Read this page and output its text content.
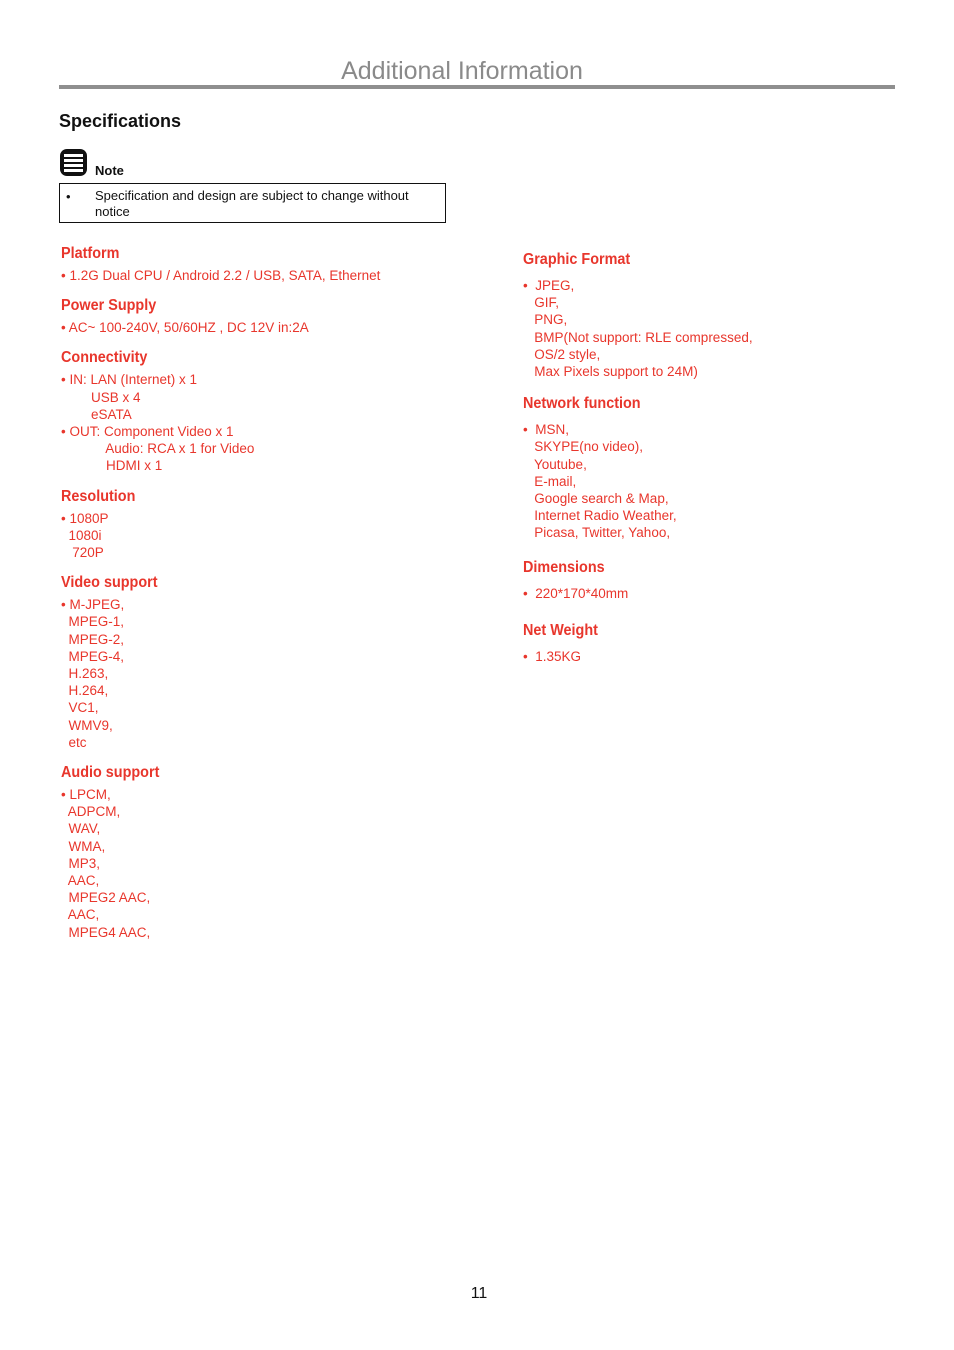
Additional Information
Specifications
Note
• Specification and design are subject to change without notice
Platform
• 1.2G Dual CPU / Android 2.2 / USB, SATA, Ethernet
Power Supply
• AC~ 100-240V, 50/60HZ , DC 12V in:2A
Connectivity
• IN: LAN (Internet) x 1
USB x 4
eSATA
• OUT: Component Video x 1
Audio: RCA x 1 for Video
HDMI x 1
Resolution
• 1080P
1080i
720P
Video support
• M-JPEG,
MPEG-1,
MPEG-2,
MPEG-4,
H.263,
H.264,
VC1,
WMV9,
etc
Audio support
• LPCM,
ADPCM,
WAV,
WMA,
MP3,
AAC,
MPEG2 AAC,
AAC,
MPEG4 AAC,
Graphic Format
•  JPEG,
GIF,
PNG,
BMP(Not support: RLE compressed,
OS/2 style,
Max Pixels support to 24M)
Network function
•  MSN,
SKYPE(no video),
Youtube,
E-mail,
Google search & Map,
Internet Radio Weather,
Picasa, Twitter, Yahoo,
Dimensions
•  220*170*40mm
Net Weight
•  1.35KG
11
